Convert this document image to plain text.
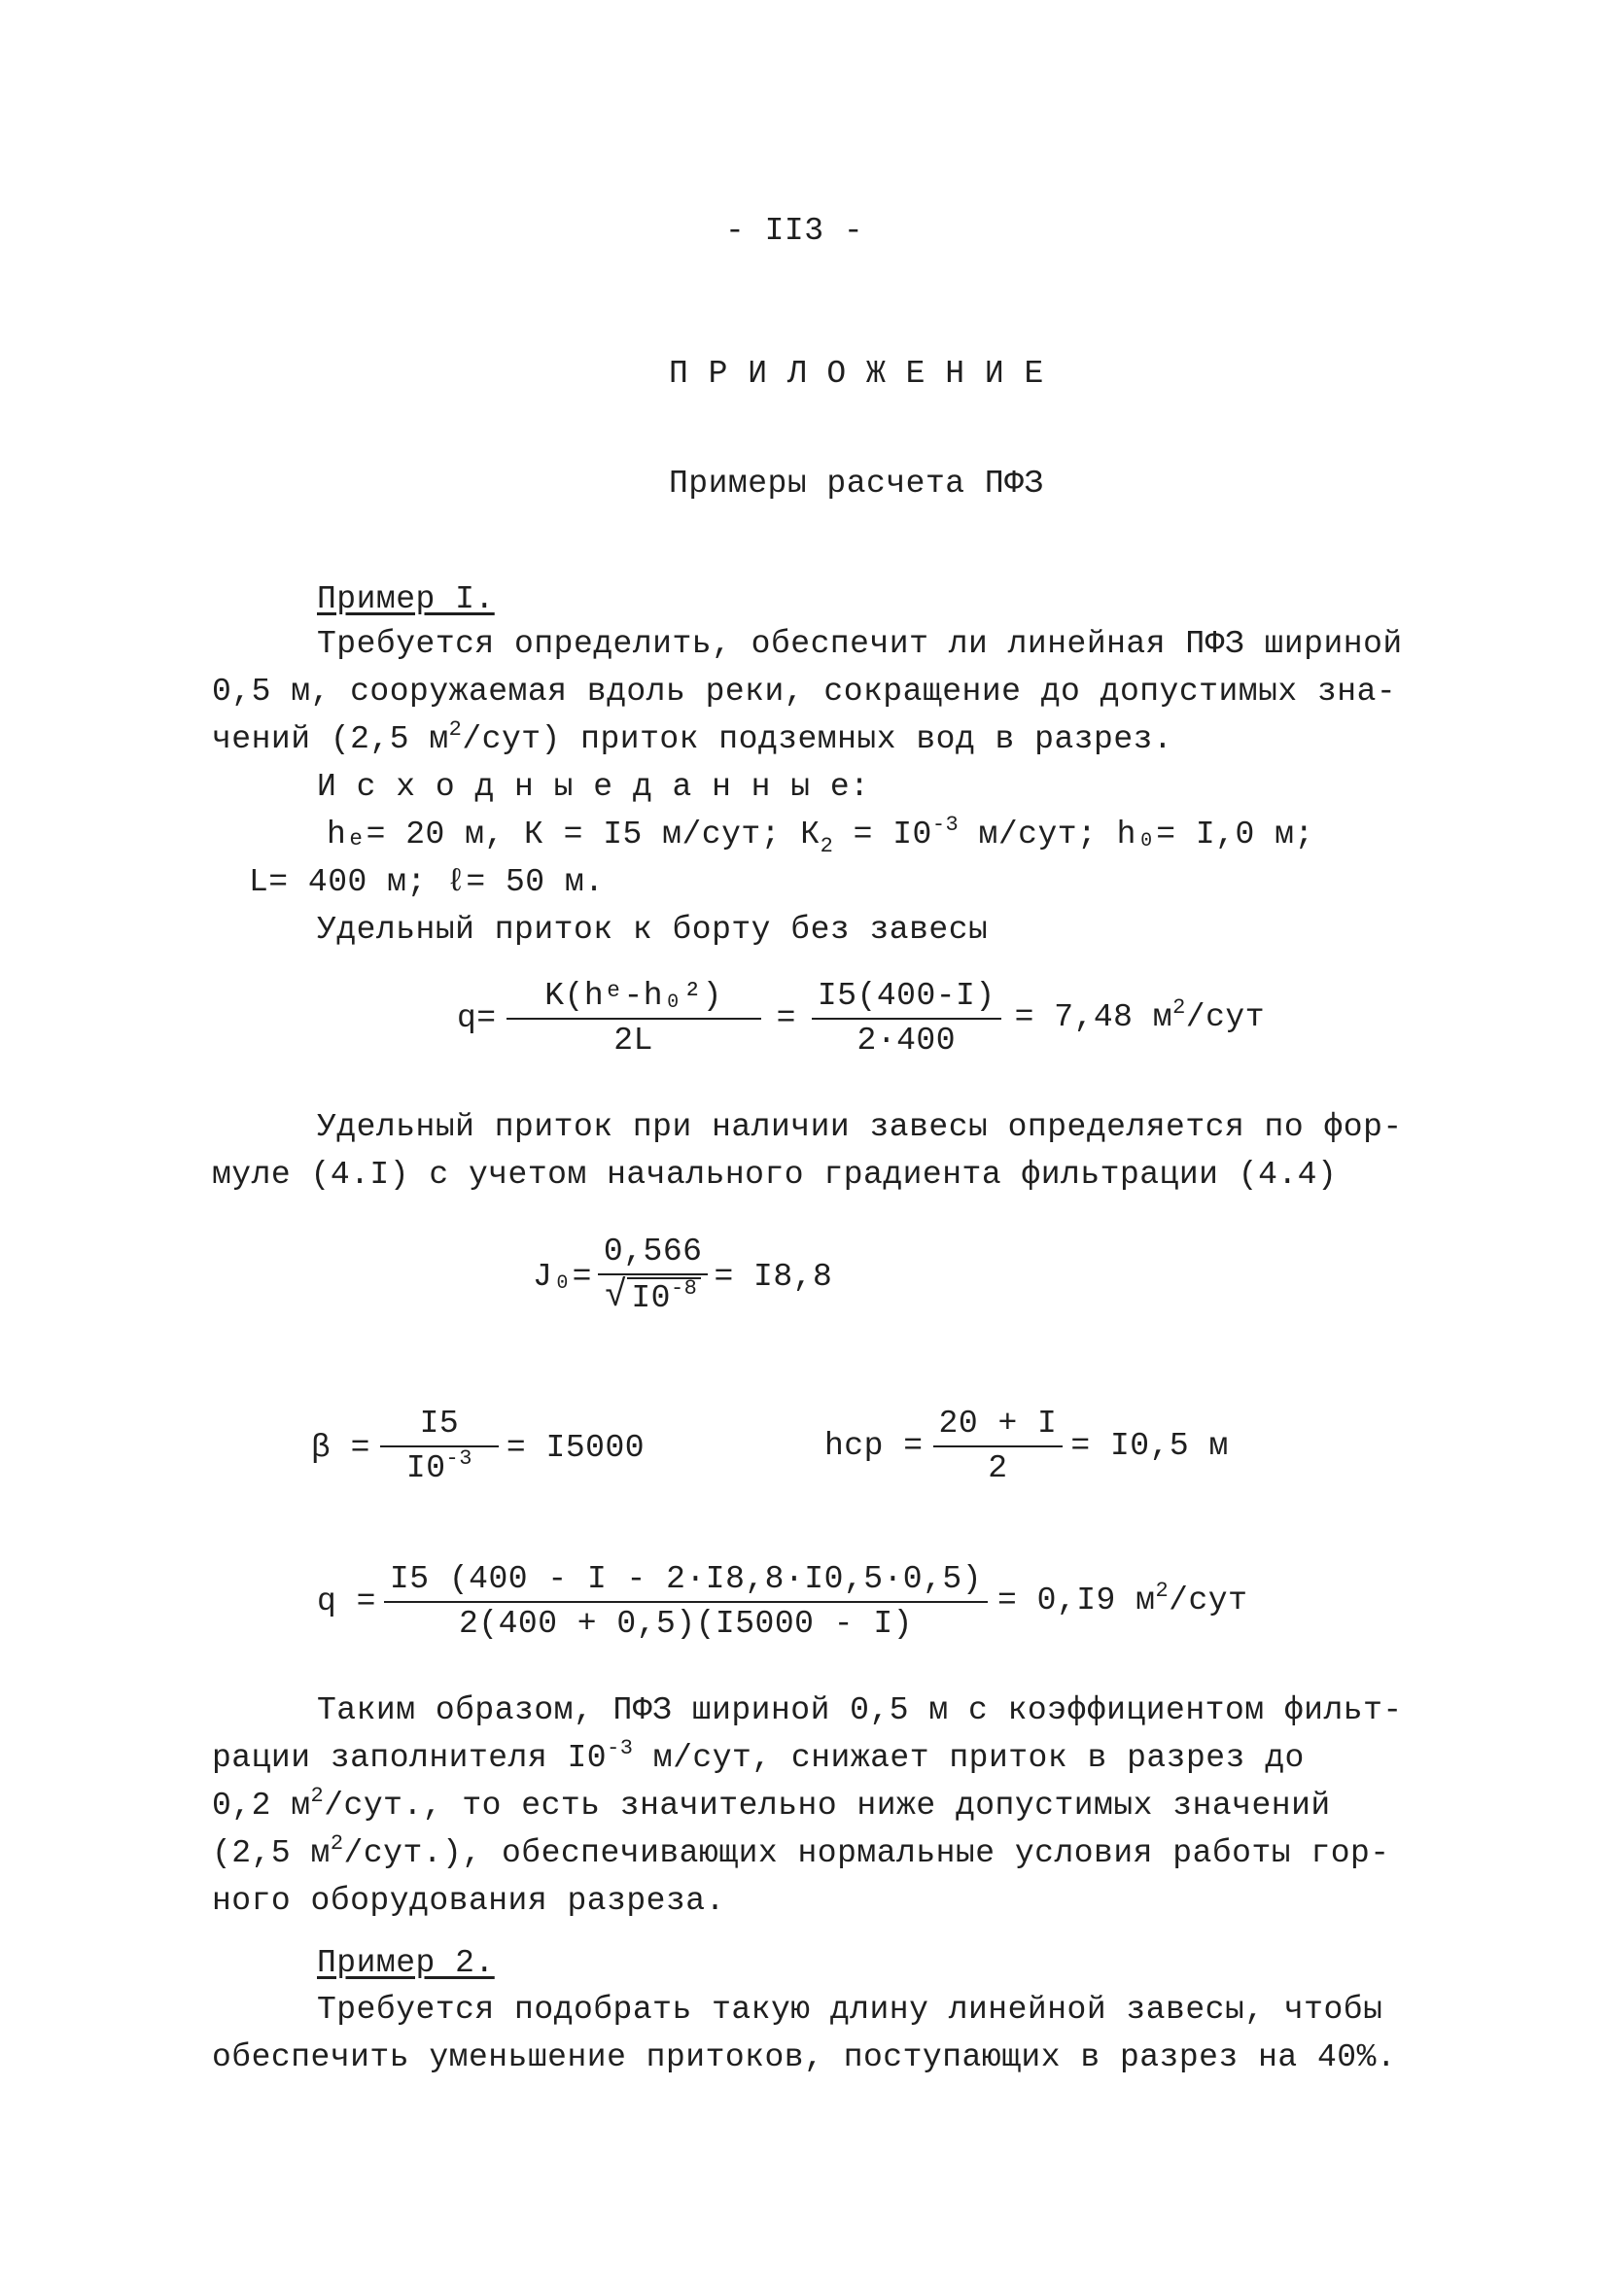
- II3 -
П Р И Л О Ж Е Н И Е
Примеры расчета ПФЗ
Пример I.
Требуется определить, обеспечит ли линейная ПФЗ шириной
0,5 м, сооружаемая вдоль реки, сокращение до допустимых зна-
чений (2,5 $м^2/сут$) приток подземных вод в разрез.
И с х о д н ы е д а н н ы е:
hₑ= 20 м, К = I5 м/сут; $К_2 = I0^{-3}$ м/сут; h₀= I,0 м;
L= 400 м; ℓ= 50 м.
Удельный приток к борту без завесы
$q= \frac{\text{K(hᵉ-h₀²)}}{2L} = \frac{I5(400-I)}{2\cdot 400} = 7,48$ $м^2$/сут
Удельный приток при наличии завесы определяется по фор-
муле (4.I) с учетом начального градиента фильтрации (4.4)
$J_0= \frac{0,566}{√ I0^{-8}} = I8,8$
$\beta = \frac{I5}{I0^{-3}} = I5000$	hcp = $\frac{20 + I}{2} = I0,5$ м
$q = \frac{I5 (400 - I - 2\cdot I8,8\cdot I0,5\cdot 0,5)}{2(400 + 0,5)(I5000 - I)} = 0,I9$ $м^2$/сут
Таким образом, ПФЗ шириной 0,5 м с коэффициентом фильт-
рации заполнителя $I0^{-3}$ м/сут, снижает приток в разрез до
0,2 $м^2$/сут., то есть значительно ниже допустимых значений
(2,5 $м^2/сут$.), обеспечивающих нормальные условия работы гор-
ного оборудования разреза.
Пример 2.
Требуется подобрать такую длину линейной завесы, чтобы
обеспечить уменьшение притоков, поступающих в разрез на 40%.
